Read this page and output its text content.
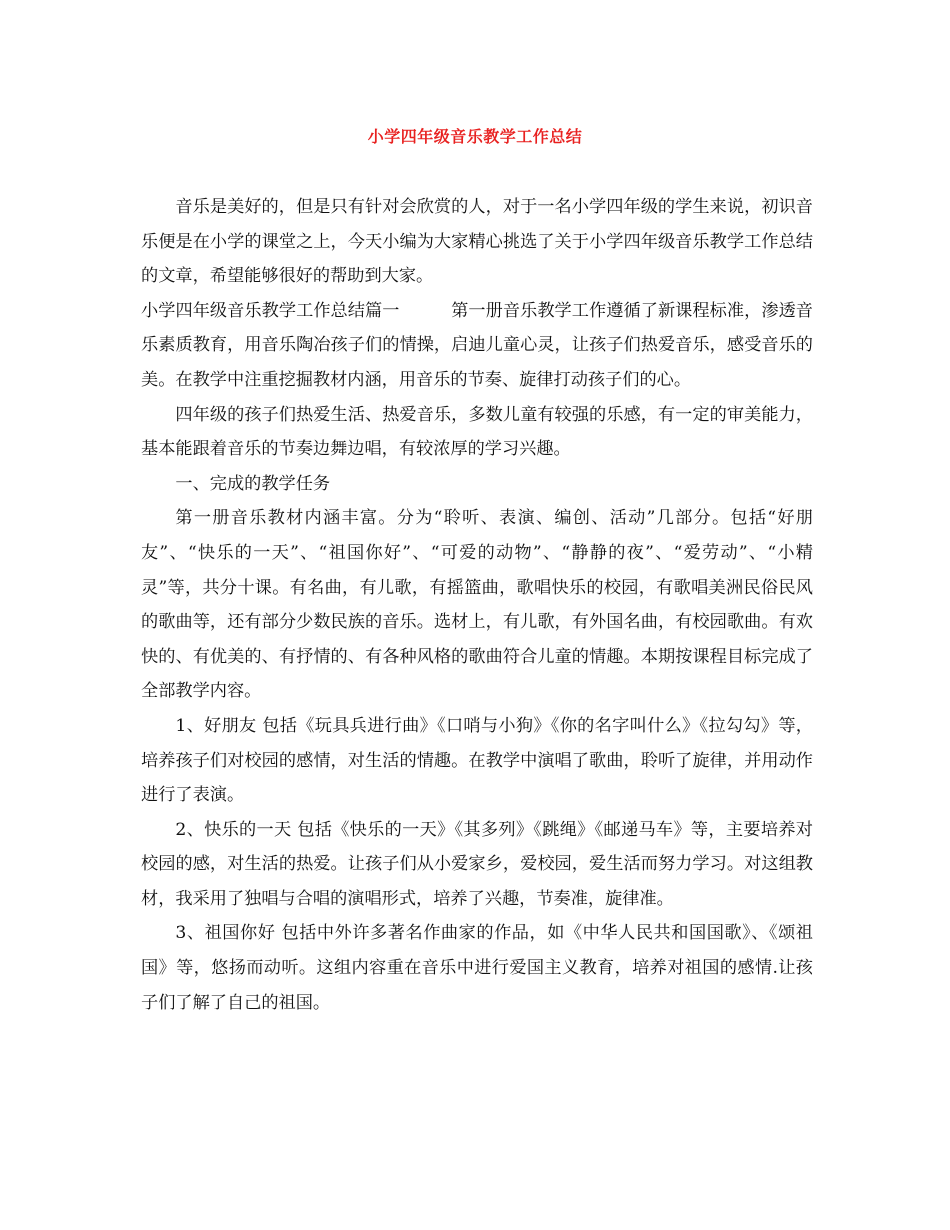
小学四年级音乐教学工作总结

音乐是美好的，但是只有针对会欣赏的人，对于一名小学四年级的学生来说，初识音乐便是在小学的课堂之上，今天小编为大家精心挑选了关于小学四年级音乐教学工作总结的文章，希望能够很好的帮助到大家。

小学四年级音乐教学工作总结篇一　　　第一册音乐教学工作遵循了新课程标准，渗透音乐素质教育，用音乐陶冶孩子们的情操，启迪儿童心灵，让孩子们热爱音乐，感受音乐的美。在教学中注重挖掘教材内涵，用音乐的节奏、旋律打动孩子们的心。

四年级的孩子们热爱生活、热爱音乐，多数儿童有较强的乐感，有一定的审美能力，基本能跟着音乐的节奏边舞边唱，有较浓厚的学习兴趣。

一、完成的教学任务

第一册音乐教材内涵丰富。分为“聆听、表演、编创、活动”几部分。包括“好朋友”、“快乐的一天”、“祖国你好”、“可爱的动物”、“静静的夜”、“爱劳动”、“小精灵”等，共分十课。有名曲，有儿歌，有摇篮曲，歌唱快乐的校园，有歌唱美洲民俗民风的歌曲等，还有部分少数民族的音乐。选材上，有儿歌，有外国名曲，有校园歌曲。有欢快的、有优美的、有抒情的、有各种风格的歌曲符合儿童的情趣。本期按课程目标完成了全部教学内容。

1、好朋友 包括《玩具兵进行曲》《口哨与小狗》《你的名字叫什么》《拉勾勾》等，培养孩子们对校园的感情，对生活的情趣。在教学中演唱了歌曲，聆听了旋律，并用动作进行了表演。

2、快乐的一天 包括《快乐的一天》《其多列》《跳绳》《邮递马车》等，主要培养对校园的感，对生活的热爱。让孩子们从小爱家乡，爱校园，爱生活而努力学习。对这组教材，我采用了独唱与合唱的演唱形式，培养了兴趣，节奏准，旋律准。

3、祖国你好 包括中外许多著名作曲家的作品，如《中华人民共和国国歌》、《颂祖国》等，悠扬而动听。这组内容重在音乐中进行爱国主义教育，培养对祖国的感情.让孩子们了解了自己的祖国。
